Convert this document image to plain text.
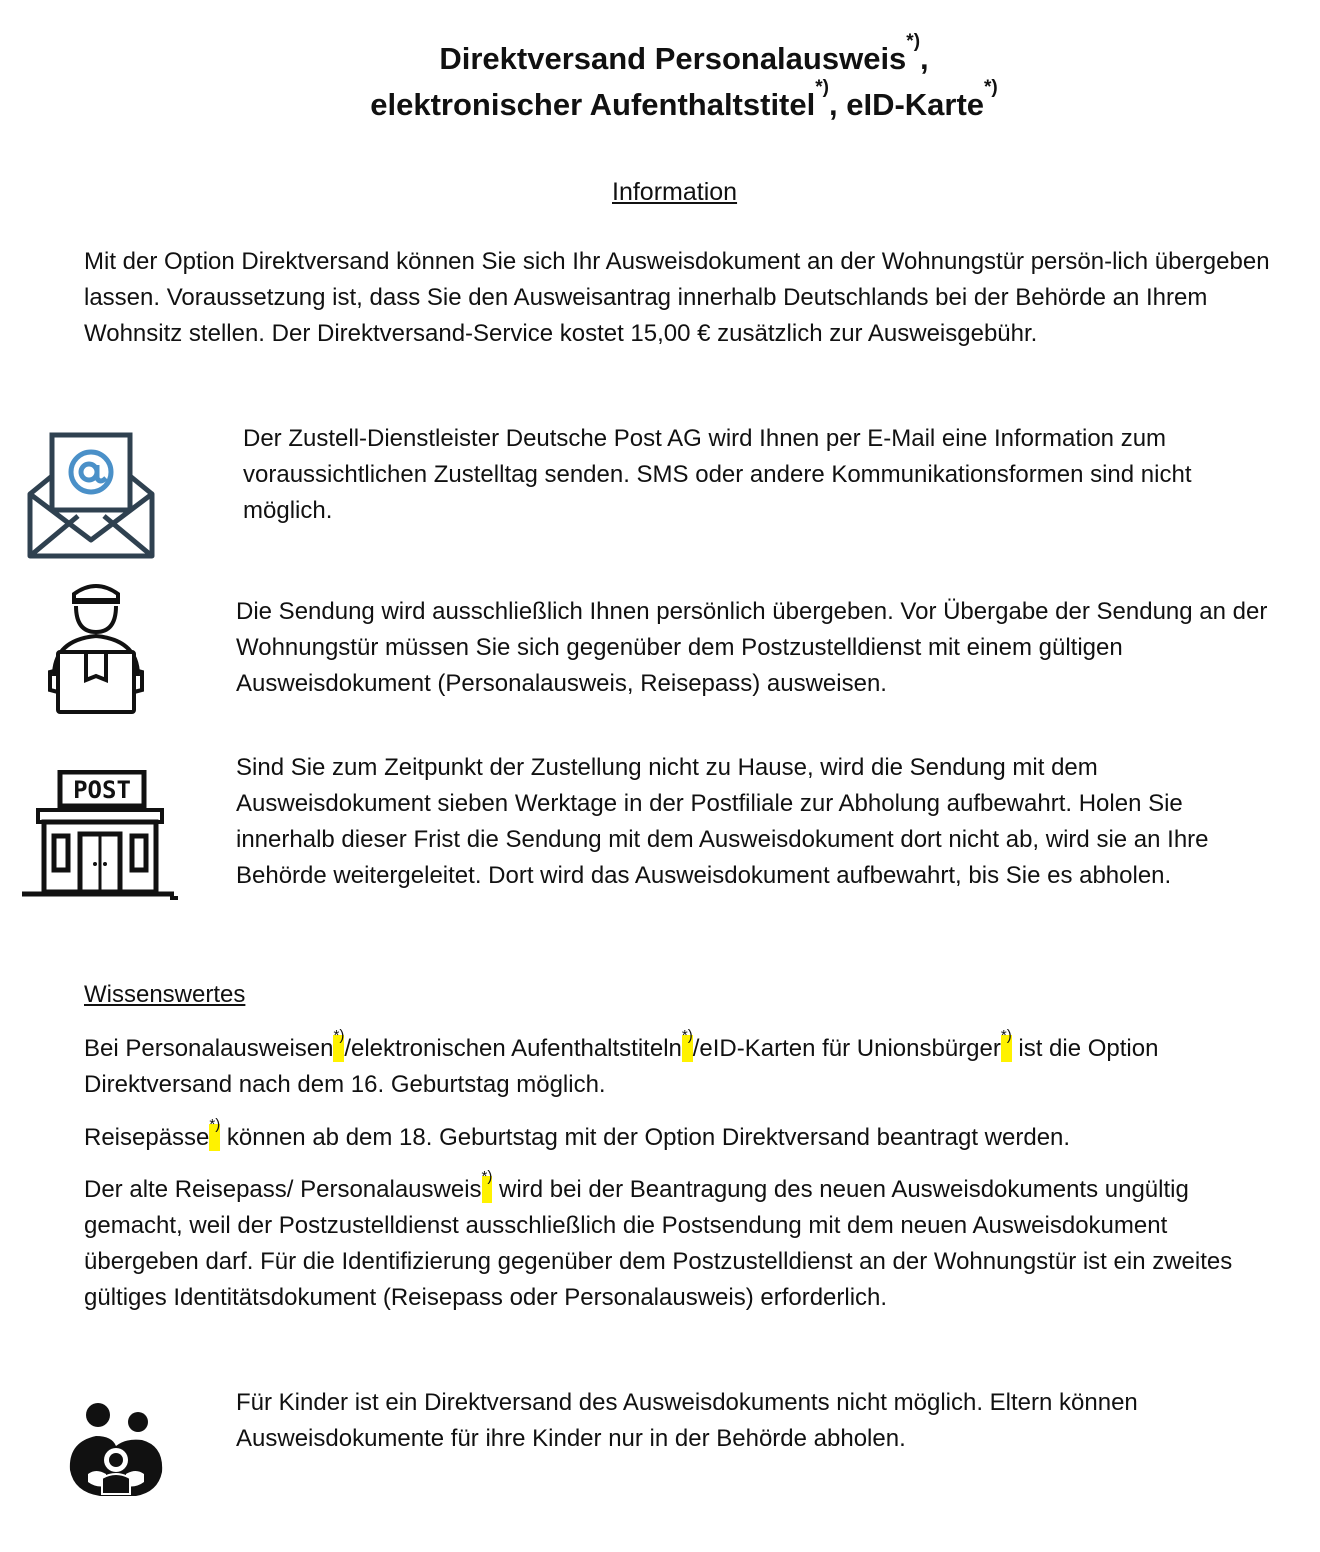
Direktversand Personalausweis*),
elektronischer Aufenthaltstitel*), eID-Karte*)
Information

Mit der Option Direktversand können Sie sich Ihr Ausweisdokument an der Wohnungstür persön-lich übergeben lassen. Voraussetzung ist, dass Sie den Ausweisantrag innerhalb Deutschlands bei der Behörde an Ihrem Wohnsitz stellen. Der Direktversand-Service kostet 15,00 € zusätzlich zur Ausweisgebühr.

Der Zustell-Dienstleister Deutsche Post AG wird Ihnen per E-Mail eine Information zum voraussichtlichen Zustelltag senden. SMS oder andere Kommunikationsformen sind nicht möglich.

Die Sendung wird ausschließlich Ihnen persönlich übergeben. Vor Übergabe der Sendung an der Wohnungstür müssen Sie sich gegenüber dem Postzustelldienst mit einem gültigen Ausweisdokument (Personalausweis, Reisepass) ausweisen.

POST

Sind Sie zum Zeitpunkt der Zustellung nicht zu Hause, wird die Sendung mit dem Ausweisdokument sieben Werktage in der Postfiliale zur Abholung aufbewahrt. Holen Sie innerhalb dieser Frist die Sendung mit dem Ausweisdokument dort nicht ab, wird sie an Ihre Behörde weitergeleitet. Dort wird das Ausweisdokument aufbewahrt, bis Sie es abholen.

Wissenswertes

Bei Personalausweisen*)/elektronischen Aufenthaltstiteln*)/eID-Karten für Unionsbürger*) ist die Option Direktversand nach dem 16. Geburtstag möglich.

Reisepässe*) können ab dem 18. Geburtstag mit der Option Direktversand beantragt werden.

Der alte Reisepass/ Personalausweis*) wird bei der Beantragung des neuen Ausweisdokuments ungültig gemacht, weil der Postzustelldienst ausschließlich die Postsendung mit dem neuen Ausweisdokument übergeben darf. Für die Identifizierung gegenüber dem Postzustelldienst an der Wohnungstür ist ein zweites gültiges Identitätsdokument (Reisepass oder Personalausweis) erforderlich.

Für Kinder ist ein Direktversand des Ausweisdokuments nicht möglich. Eltern können Ausweisdokumente für ihre Kinder nur in der Behörde abholen.
